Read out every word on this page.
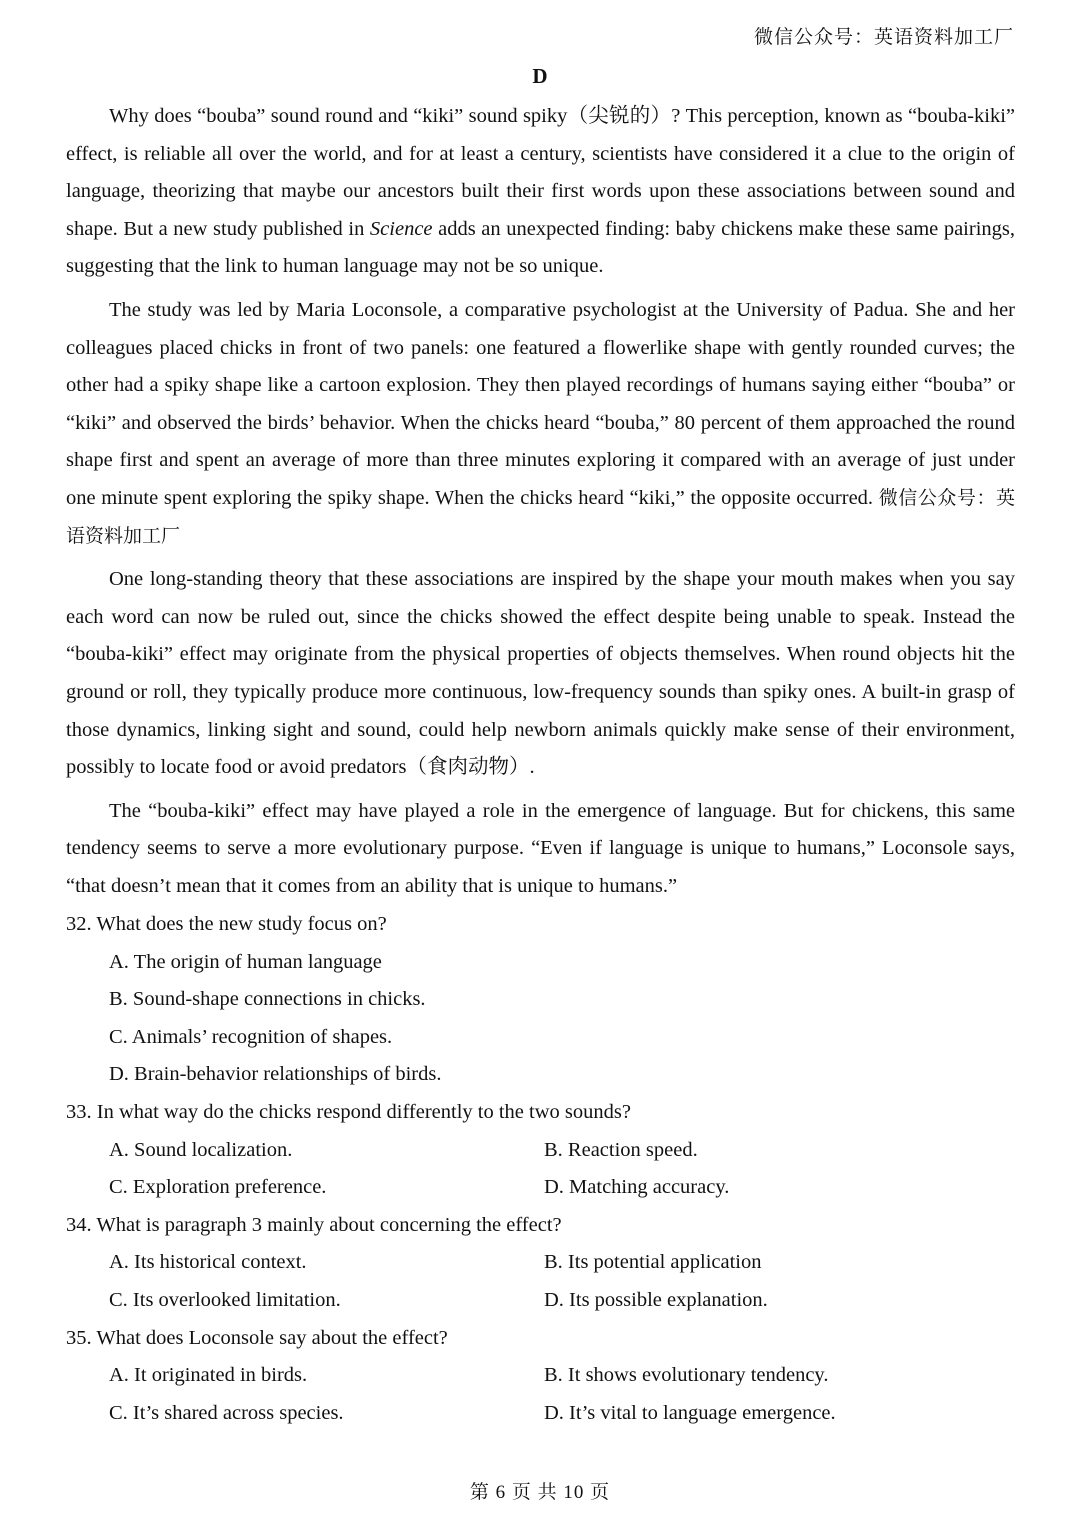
微信公众号：英语资料加工厂
D

Why does “bouba” sound round and “kiki” sound spiky（尖锐的）? This perception, known as “bouba-kiki” effect, is reliable all over the world, and for at least a century, scientists have considered it a clue to the origin of language, theorizing that maybe our ancestors built their first words upon these associations between sound and shape. But a new study published in Science adds an unexpected finding: baby chickens make these same pairings, suggesting that the link to human language may not be so unique.

The study was led by Maria Loconsole, a comparative psychologist at the University of Padua. She and her colleagues placed chicks in front of two panels: one featured a flowerlike shape with gently rounded curves; the other had a spiky shape like a cartoon explosion. They then played recordings of humans saying either “bouba” or “kiki” and observed the birds’ behavior. When the chicks heard “bouba,” 80 percent of them approached the round shape first and spent an average of more than three minutes exploring it compared with an average of just under one minute spent exploring the spiky shape. When the chicks heard “kiki,” the opposite occurred. 微信公众号：英语资料加工厂

One long-standing theory that these associations are inspired by the shape your mouth makes when you say each word can now be ruled out, since the chicks showed the effect despite being unable to speak. Instead the “bouba-kiki” effect may originate from the physical properties of objects themselves. When round objects hit the ground or roll, they typically produce more continuous, low-frequency sounds than spiky ones. A built-in grasp of those dynamics, linking sight and sound, could help newborn animals quickly make sense of their environment, possibly to locate food or avoid predators（食肉动物）.

The “bouba-kiki” effect may have played a role in the emergence of language. But for chickens, this same tendency seems to serve a more evolutionary purpose. “Even if language is unique to humans,” Loconsole says, “that doesn’t mean that it comes from an ability that is unique to humans.”

32. What does the new study focus on?

A. The origin of human language

B. Sound-shape connections in chicks.

C. Animals’ recognition of shapes.

D. Brain-behavior relationships of birds.

33. In what way do the chicks respond differently to the two sounds?

A. Sound localization.	B. Reaction speed.

C. Exploration preference.	D. Matching accuracy.

34. What is paragraph 3 mainly about concerning the effect?

A. Its historical context.	B. Its potential application

C. Its overlooked limitation.	D. Its possible explanation.

35. What does Loconsole say about the effect?

A. It originated in birds.	B. It shows evolutionary tendency.

C. It’s shared across species.	D. It’s vital to language emergence.

第 6 页 共 10 页
